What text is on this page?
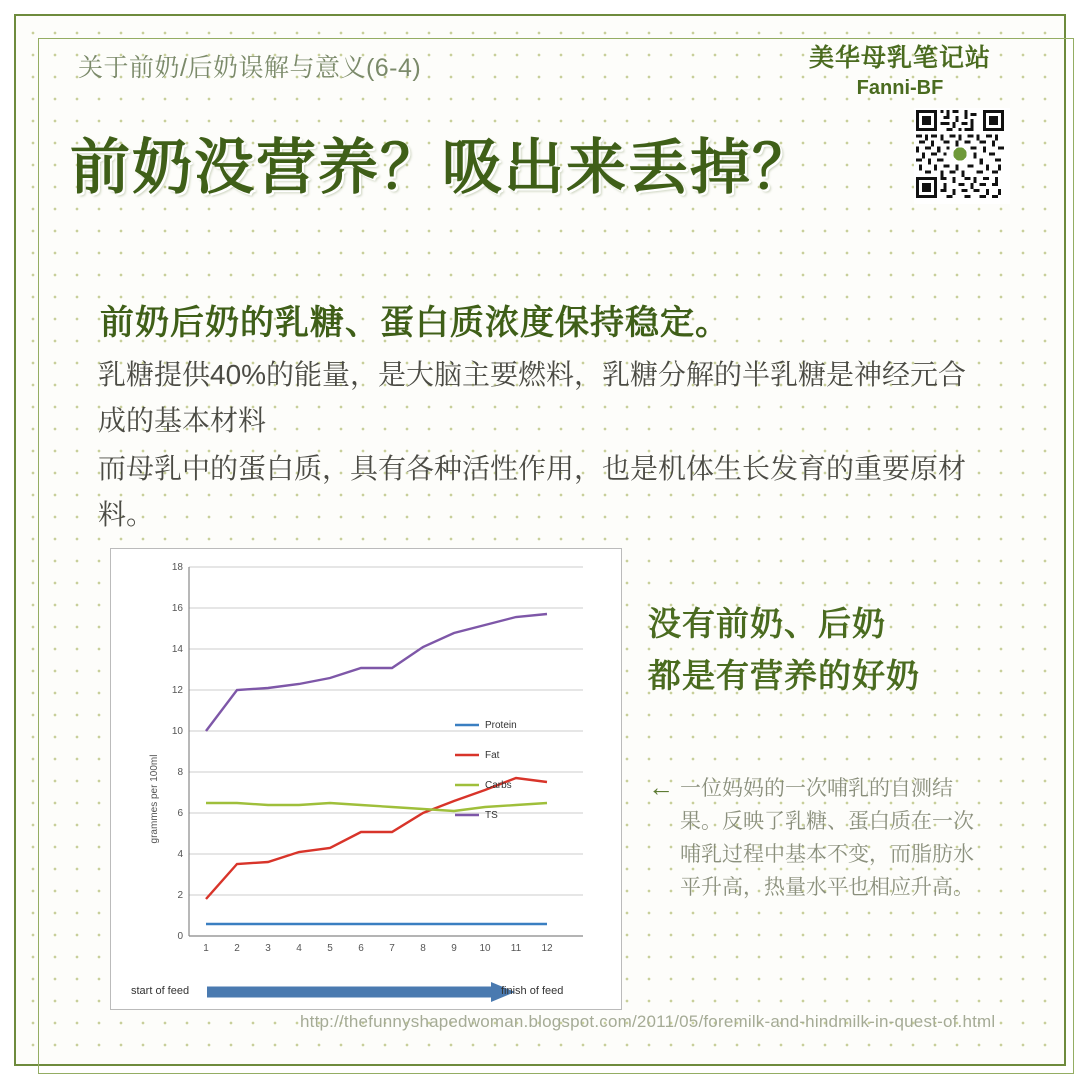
关于前奶/后奶误解与意义(6-4)	美华母乳笔记站
Fanni-BF
前奶没营养？吸出来丢掉？
前奶后奶的乳糖、蛋白质浓度保持稳定。
乳糖提供40%的能量，是大脑主要燃料，乳糖分解的半乳糖是神经元合成的基本材料
而母乳中的蛋白质，具有各种活性作用，也是机体生长发育的重要原材料。
18
16
14
12
10
8
6
4
2
0
grammes per 100ml
1	2	3	4	5	6	7	8	9 10 11 12
Protein
Fat
Carbs
TS
start of feed	finish of feed
没有前奶、后奶
都是有营养的好奶
← 一位妈妈的一次哺乳的自测结果。反映了乳糖、蛋白质在一次哺乳过程中基本不变，而脂肪水平升高，热量水平也相应升高。
http://thefunnyshapedwoman.blogspot.com/2011/05/foremilk-and-hindmilk-in-quest-of.html
